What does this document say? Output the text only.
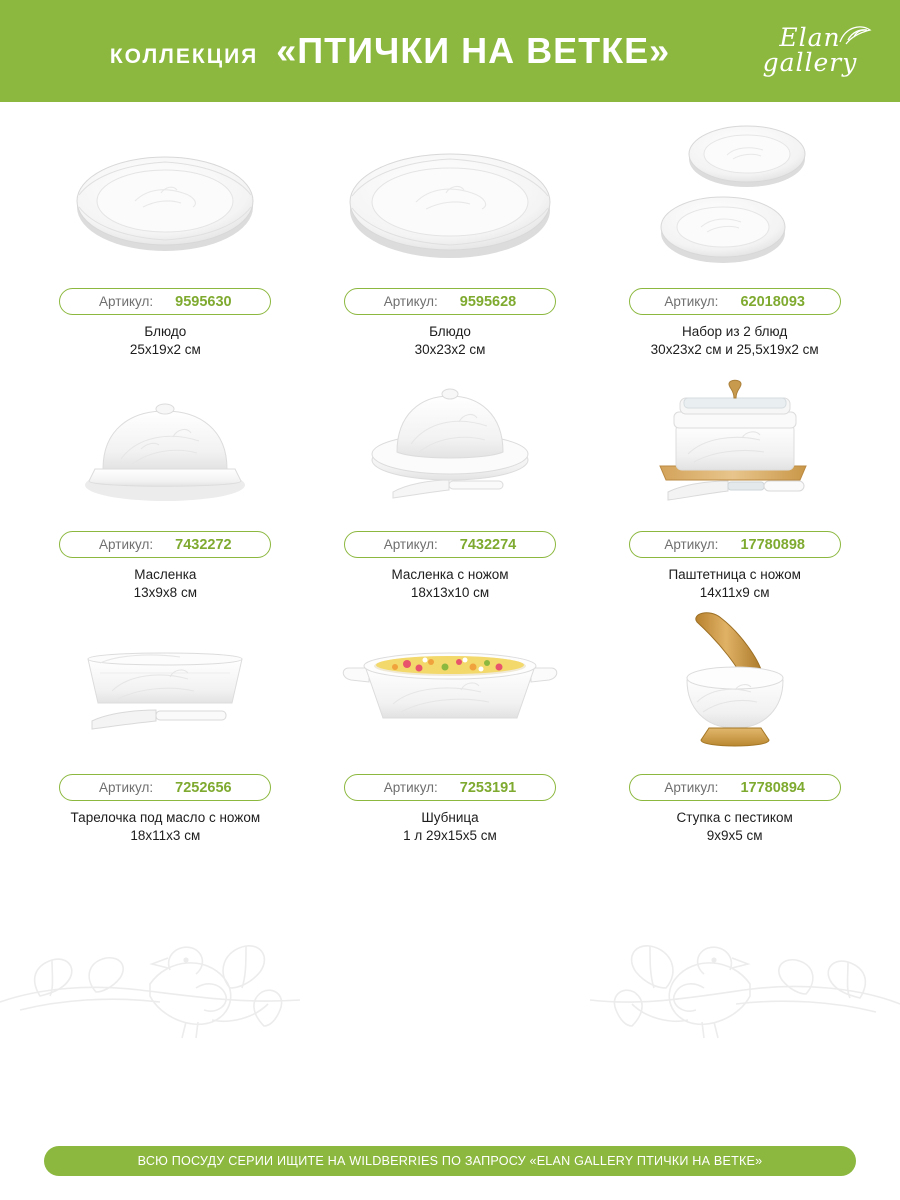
КОЛЛЕКЦИЯ «ПТИЧКИ НА ВЕТКЕ»	Elan
gallery
Артикул: 9595630
Блюдо
25х19х2 см
Артикул: 9595628
Блюдо
30х23х2 см
Артикул: 62018093
Набор из 2 блюд
30х23х2 см и 25,5х19х2 см
Артикул: 7432272
Масленка
13х9х8 см
Артикул: 7432274
Масленка с ножом
18х13х10 см
Артикул: 17780898
Паштетница с ножом
14х11х9 см
Артикул: 7252656
Тарелочка под масло с ножом
18х11х3 см
Артикул: 7253191
Шубница
1 л 29х15х5 см
Артикул: 17780894
Ступка с пестиком
9х9х5 см
ВСЮ ПОСУДУ СЕРИИ ИЩИТЕ НА WILDBERRIES ПО ЗАПРОСУ «ELAN GALLERY ПТИЧКИ НА ВЕТКЕ»
